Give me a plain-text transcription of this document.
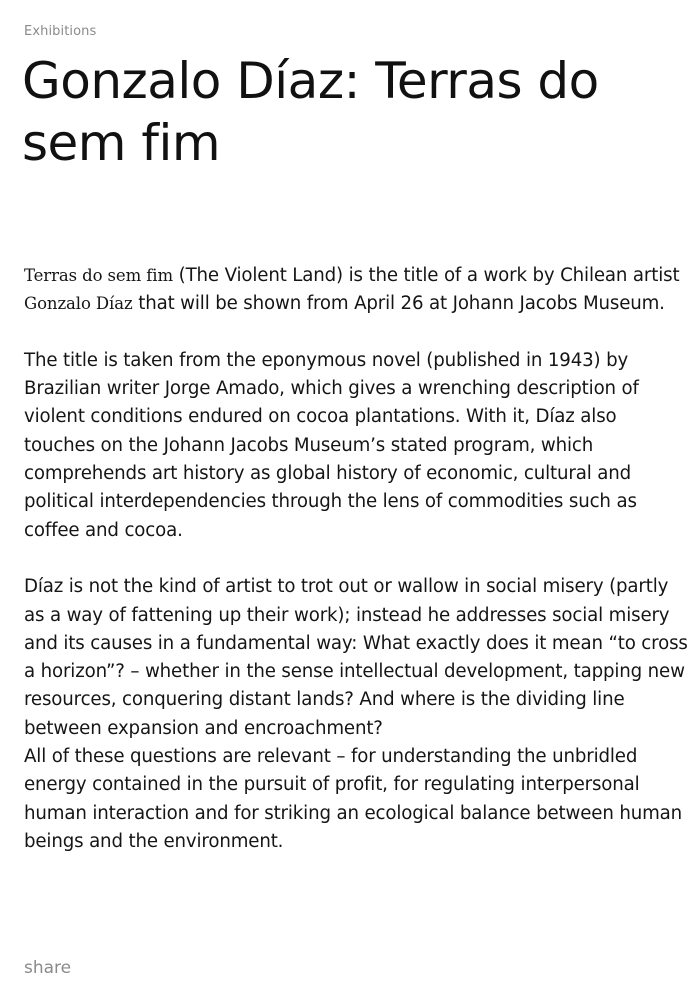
Exhibitions
Gonzalo Díaz: Terras do sem fim

Terras do sem fim (The Violent Land) is the title of a work by Chilean artist Gonzalo Díaz that will be shown from April 26 at Johann Jacobs Museum.

The title is taken from the eponymous novel (published in 1943) by Brazilian writer Jorge Amado, which gives a wrenching description of violent conditions endured on cocoa plantations. With it, Díaz also touches on the Johann Jacobs Museum’s stated program, which comprehends art history as global history of economic, cultural and political interdependencies through the lens of commodities such as coffee and cocoa.

Díaz is not the kind of artist to trot out or wallow in social misery (partly as a way of fattening up their work); instead he addresses social misery and its causes in a fundamental way: What exactly does it mean “to cross a horizon”? – whether in the sense intellectual development, tapping new resources, conquering distant lands? And where is the dividing line between expansion and encroachment?

All of these questions are relevant – for understanding the unbridled energy contained in the pursuit of profit, for regulating interpersonal human interaction and for striking an ecological balance between human beings and the environment.

share
